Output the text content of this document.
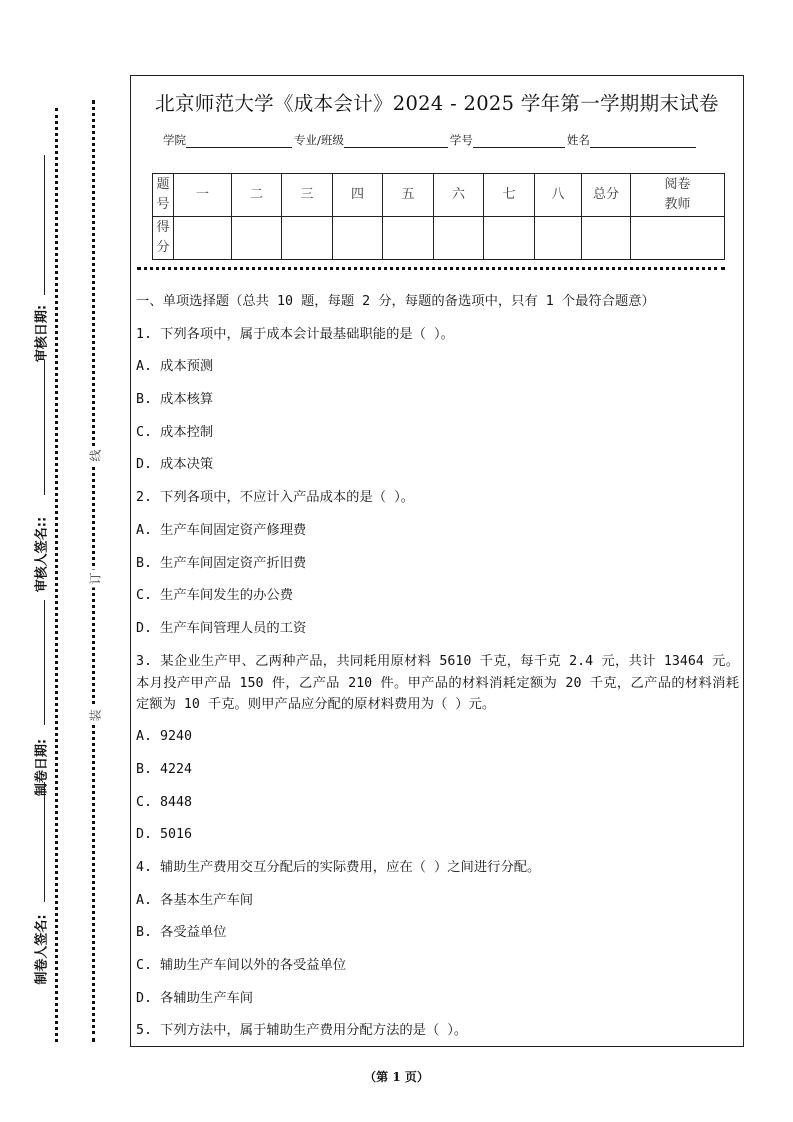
装
订
线
制卷人签名:
制卷日期:
审核人签名::
审核日期:
北京师范大学《成本会计》2024 - 2025 学年第一学期期末试卷
学院	专业/班级	学号	姓名
题号	一	二	三	四	五	六	七	八	总分	阅卷教师
得分										
一、单项选择题（总共 10 题，每题 2 分，每题的备选项中，只有 1 个最符合题意）
1. 下列各项中，属于成本会计最基础职能的是（ ）。
A. 成本预测
B. 成本核算
C. 成本控制
D. 成本决策
2. 下列各项中，不应计入产品成本的是（ ）。
A. 生产车间固定资产修理费
B. 生产车间固定资产折旧费
C. 生产车间发生的办公费
D. 生产车间管理人员的工资
3. 某企业生产甲、乙两种产品，共同耗用原材料 5610 千克，每千克 2.4 元，共计 13464 元。本月投产甲产品 150 件，乙产品 210 件。甲产品的材料消耗定额为 20 千克，乙产品的材料消耗定额为 10 千克。则甲产品应分配的原材料费用为（ ）元。
A. 9240
B. 4224
C. 8448
D. 5016
4. 辅助生产费用交互分配后的实际费用，应在（ ）之间进行分配。
A. 各基本生产车间
B. 各受益单位
C. 辅助生产车间以外的各受益单位
D. 各辅助生产车间
5. 下列方法中，属于辅助生产费用分配方法的是（ ）。
（第 1 页）
